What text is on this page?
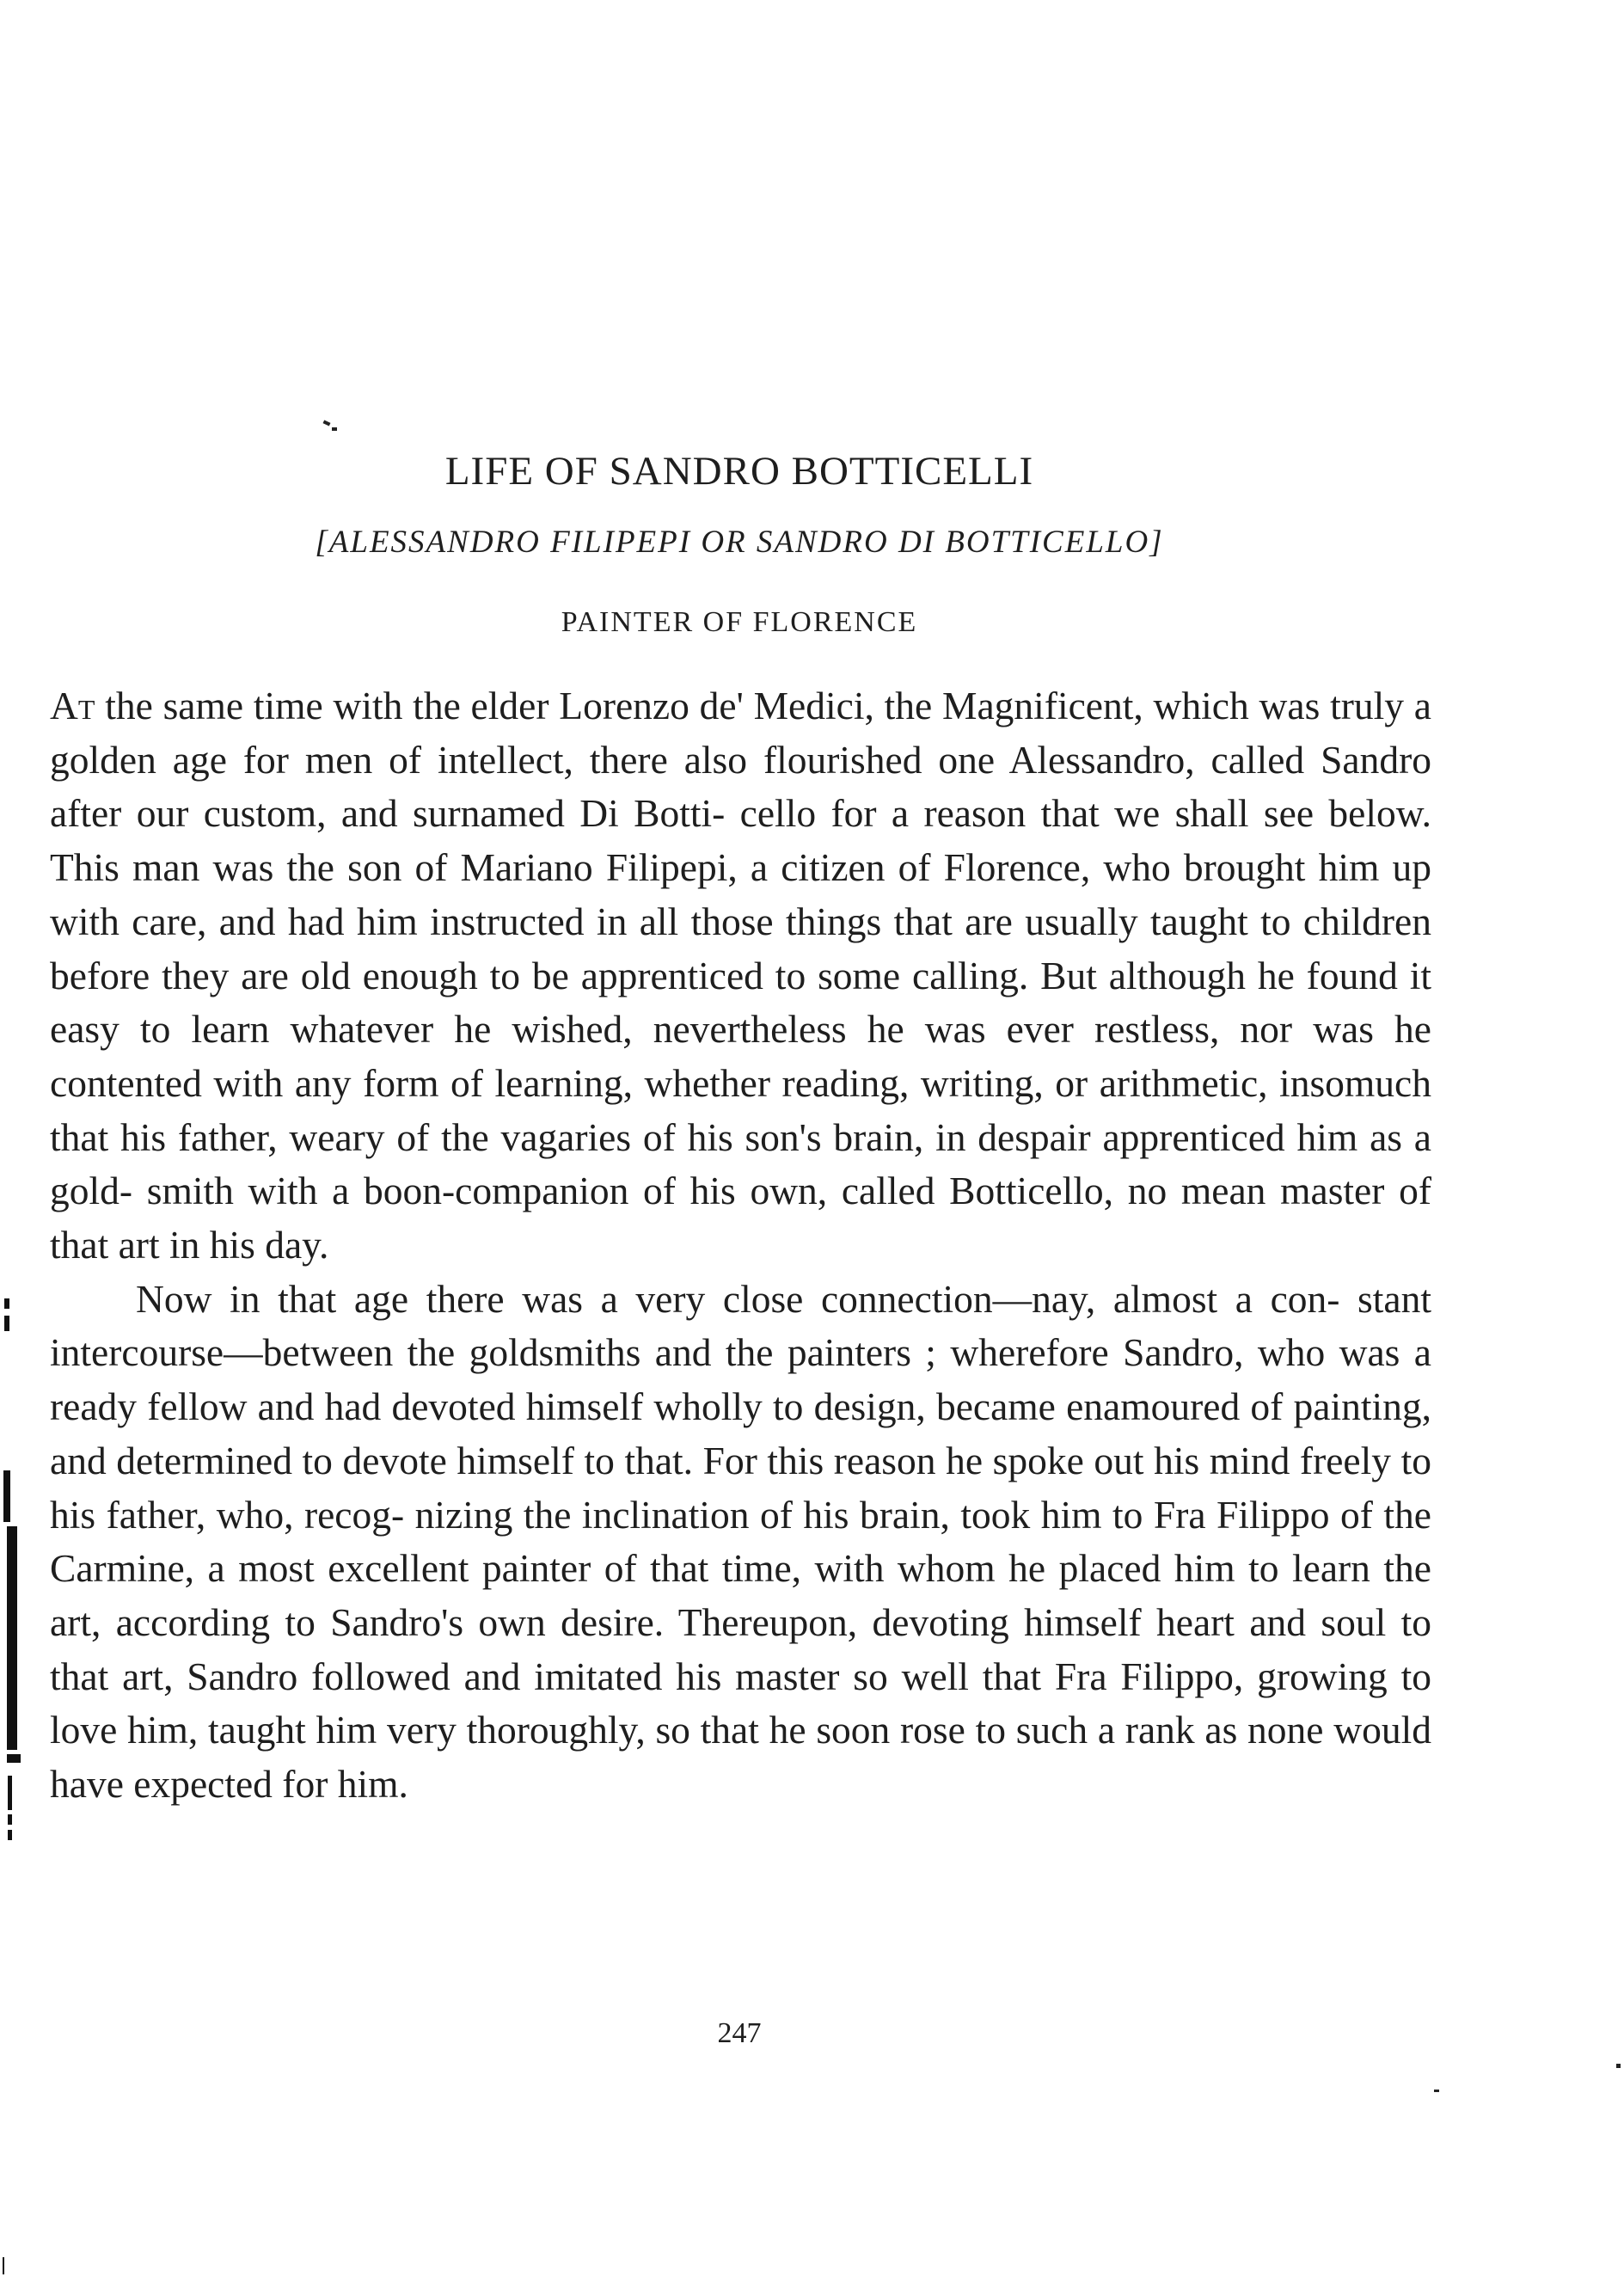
LIFE OF SANDRO BOTTICELLI
[ALESSANDRO FILIPEPI OR SANDRO DI BOTTICELLO]
PAINTER OF FLORENCE

At the same time with the elder Lorenzo de' Medici, the Magnificent, which was truly a golden age for men of intellect, there also flourished one Alessandro, called Sandro after our custom, and surnamed Di Botti- cello for a reason that we shall see below. This man was the son of Mariano Filipepi, a citizen of Florence, who brought him up with care, and had him instructed in all those things that are usually taught to children before they are old enough to be apprenticed to some calling. But although he found it easy to learn whatever he wished, nevertheless he was ever restless, nor was he contented with any form of learning, whether reading, writing, or arithmetic, insomuch that his father, weary of the vagaries of his son's brain, in despair apprenticed him as a gold- smith with a boon-companion of his own, called Botticello, no mean master of that art in his day.

Now in that age there was a very close connection—nay, almost a con- stant intercourse—between the goldsmiths and the painters ; wherefore Sandro, who was a ready fellow and had devoted himself wholly to design, became enamoured of painting, and determined to devote himself to that. For this reason he spoke out his mind freely to his father, who, recog- nizing the inclination of his brain, took him to Fra Filippo of the Carmine, a most excellent painter of that time, with whom he placed him to learn the art, according to Sandro's own desire. Thereupon, devoting himself heart and soul to that art, Sandro followed and imitated his master so well that Fra Filippo, growing to love him, taught him very thoroughly, so that he soon rose to such a rank as none would have expected for him.

247
